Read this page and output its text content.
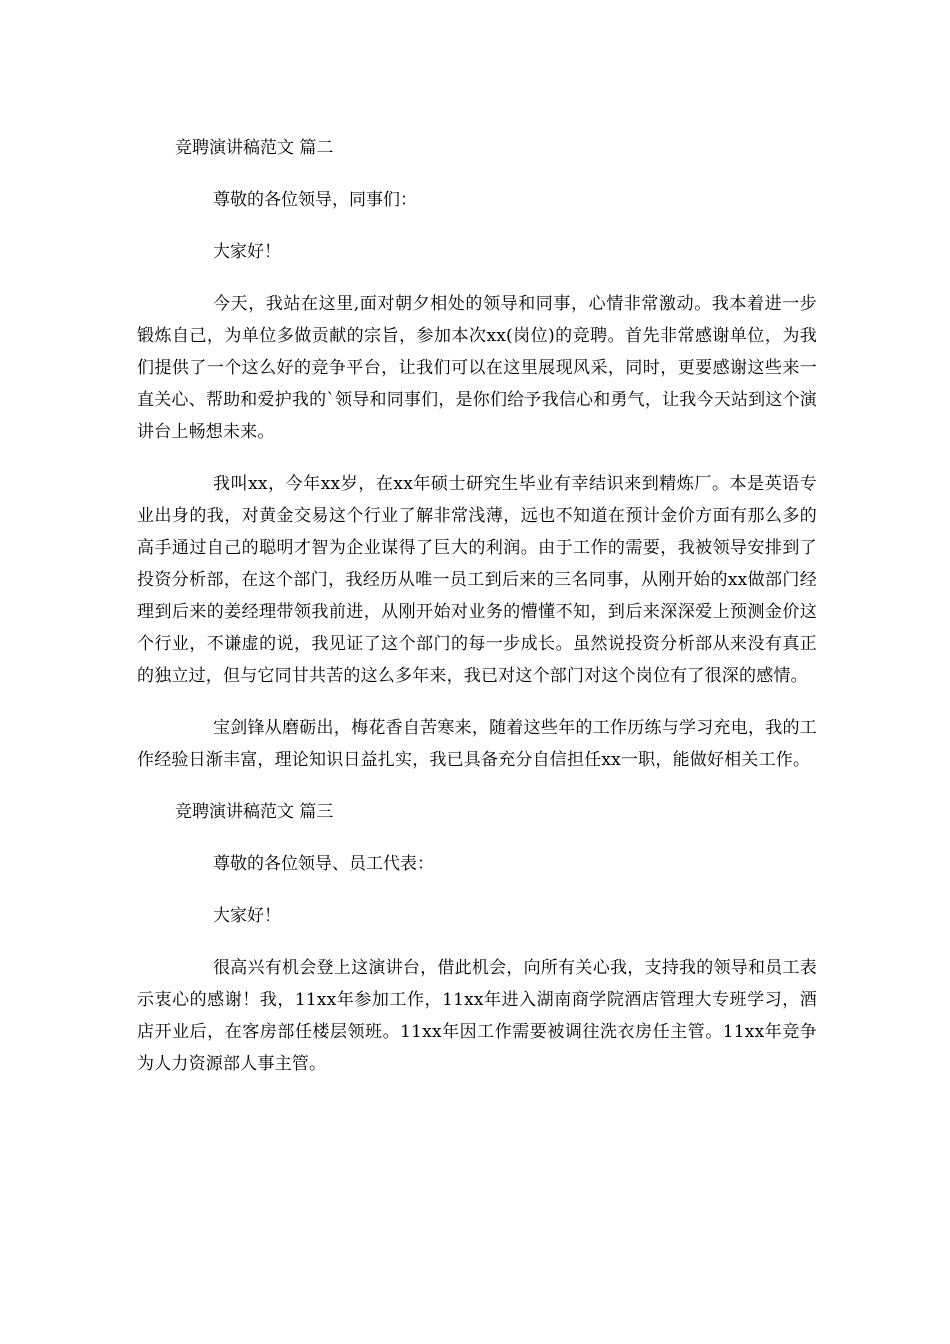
竞聘演讲稿范文 篇二

尊敬的各位领导，同事们：

大家好！

今天，我站在这里,面对朝夕相处的领导和同事，心情非常激动。我本着进一步锻炼自己，为单位多做贡献的宗旨，参加本次xx(岗位)的竞聘。首先非常感谢单位，为我们提供了一个这么好的竞争平台，让我们可以在这里展现风采，同时，更要感谢这些来一直关心、帮助和爱护我的`领导和同事们，是你们给予我信心和勇气，让我今天站到这个演讲台上畅想未来。

我叫xx，今年xx岁，在xx年硕士研究生毕业有幸结识来到精炼厂。本是英语专业出身的我，对黄金交易这个行业了解非常浅薄，远也不知道在预计金价方面有那么多的高手通过自己的聪明才智为企业谋得了巨大的利润。由于工作的需要，我被领导安排到了投资分析部，在这个部门，我经历从唯一员工到后来的三名同事，从刚开始的xx做部门经理到后来的姜经理带领我前进，从刚开始对业务的懵懂不知，到后来深深爱上预测金价这个行业，不谦虚的说，我见证了这个部门的每一步成长。虽然说投资分析部从来没有真正的独立过，但与它同甘共苦的这么多年来，我已对这个部门对这个岗位有了很深的感情。

宝剑锋从磨砺出，梅花香自苦寒来，随着这些年的工作历练与学习充电，我的工作经验日渐丰富，理论知识日益扎实，我已具备充分自信担任xx一职，能做好相关工作。

竞聘演讲稿范文 篇三

尊敬的各位领导、员工代表：

大家好！

很高兴有机会登上这演讲台，借此机会，向所有关心我，支持我的领导和员工表示衷心的感谢！我，11xx年参加工作，11xx年进入湖南商学院酒店管理大专班学习，酒店开业后，在客房部任楼层领班。11xx年因工作需要被调往洗衣房任主管。11xx年竞争为人力资源部人事主管。
